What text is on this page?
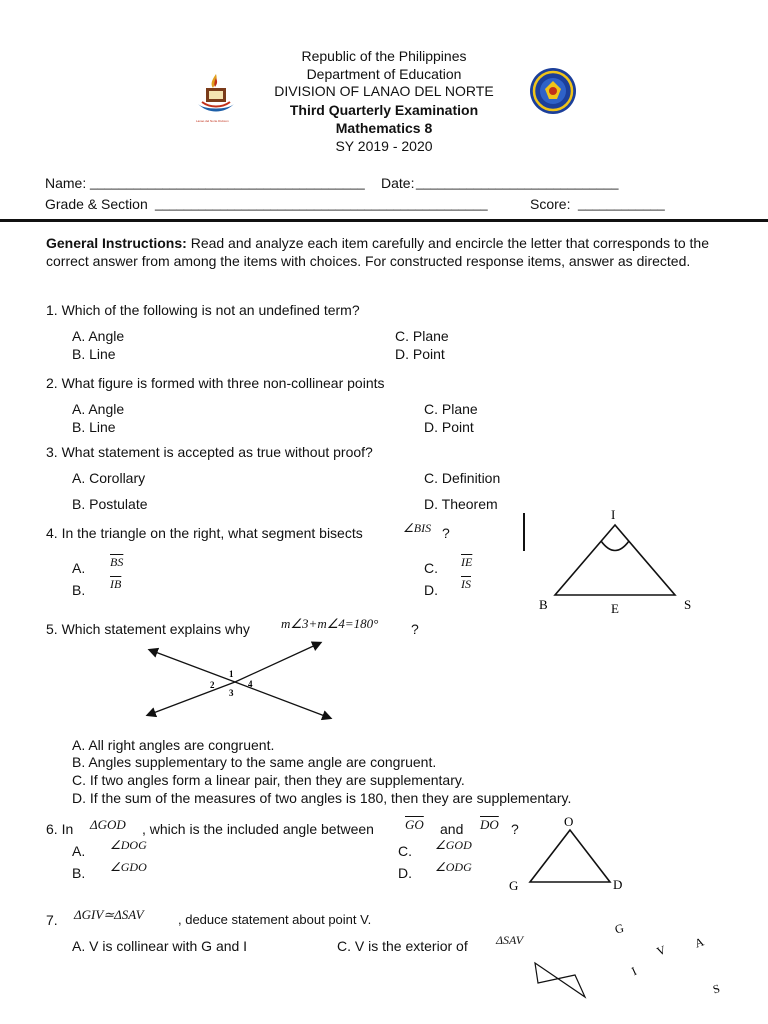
Lanao del Norte Division
Republic of the Philippines
Department of Education
DIVISION OF LANAO DEL NORTE
Third Quarterly Examination
Mathematics 8
SY 2019 - 2020
Name: ______________________________________ Date: ____________________________
Grade & Section ______________________________________________	Score: ____________
General Instructions: Read and analyze each item carefully and encircle the letter that corresponds to the correct answer from among the items with choices. For constructed response items, answer as directed.
1. Which of the following is not an undefined term?
A. Angle
B. Line
C. Plane
D. Point
2. What figure is formed with three non-collinear points
A. Angle
B. Line
C. Plane
D. Point
3. What statement is accepted as true without proof?
A. Corollary
B. Postulate
C. Definition
D. Theorem
4. In the triangle on the right, what segment bisects	∠BIS ?
A. $\overline{BS}$
B. $\overline{IB}$
C. $\overline{IE}$
D. $\overline{IS}$
I
B	E	S
5. Which statement explains why m∠3+m∠4=180° ?
1
2
3
4
A. All right angles are congruent.
B. Angles supplementary to the same angle are congruent.
C. If two angles form a linear pair, then they are supplementary.
D. If the sum of the measures of two angles is 180, then they are supplementary.
6. In ΔGOD , which is the included angle between $\overline{GO}$ and $\overline{DO}$ ?
A. ∠DOG
B. ∠GDO
C. ∠GOD
D. ∠ODG
O
G	D
7. ΔGIV≃ΔSAV	, deduce statement about point V.
A. V is collinear with G and I	C. V is the exterior of ΔSAV
G
V A
I
S
